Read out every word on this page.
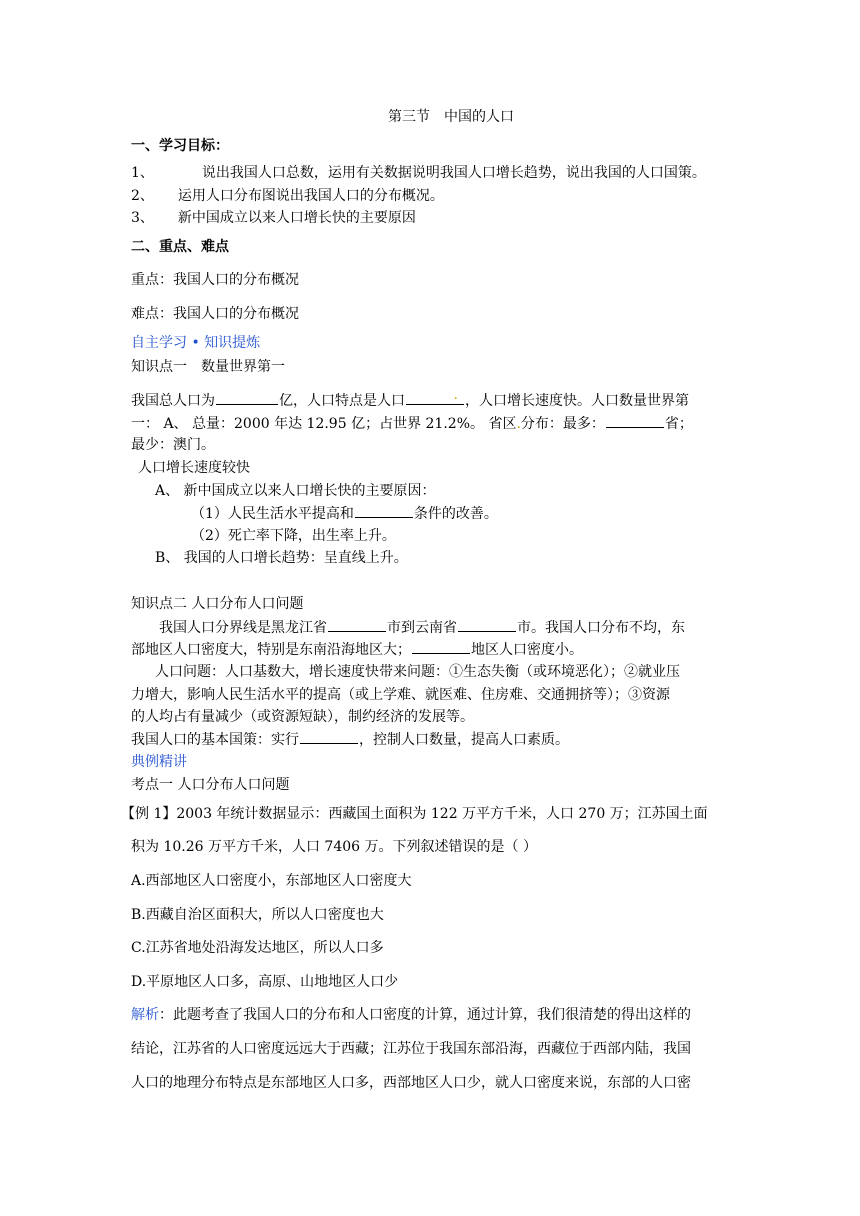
第三节　中国的人口
一、学习目标：
1、	说出我国人口总数，运用有关数据说明我国人口增长趋势，说出我国的人口国策。
2、 运用人口分布图说出我国人口的分布概况。
3、 新中国成立以来人口增长快的主要原因
二、重点、难点
重点：我国人口的分布概况
难点：我国人口的分布概况
自主学习 • 知识提炼
知识点一　数量世界第一
我国总人口为	亿，人口特点是人口	. ，人口增长速度快。人口数量世界第
一： A、 总量：2000 年达 12.95 亿；占世界 21.2%。 省区.分布：最多：	省；
最少：澳门。
人口增长速度较快
A、 新中国成立以来人口增长快的主要原因：
（1）人民生活水平提高和	条件的改善。
（2）死亡率下降，出生率上升。
B、 我国的人口增长趋势：呈直线上升。
知识点二 人口分布人口问题
我国人口分界线是黑龙江省	市到云南省	市。我国人口分布不均，东
部地区人口密度大，特别是东南沿海地区大；	地区人口密度小。
人口问题：人口基数大，增长速度快带来问题：①生态失衡（或环境恶化）；②就业压
力增大，影响人民生活水平的提高（或上学难、就医难、住房难、交通拥挤等）；③资源
的人均占有量减少（或资源短缺），制约经济的发展等。
我国人口的基本国策：实行	，控制人口数量，提高人口素质。
典例精讲
考点一 人口分布人口问题
【例 1】2003 年统计数据显示：西藏国土面积为 122 万平方千米，人口 270 万；江苏国土面
积为 10.26 万平方千米，人口 7406 万。下列叙述错误的是（ ）
A.西部地区人口密度小，东部地区人口密度大
B.西藏自治区面积大，所以人口密度也大
C.江苏省地处沿海发达地区，所以人口多
D.平原地区人口多，高原、山地地区人口少
解析：此题考查了我国人口的分布和人口密度的计算，通过计算，我们很清楚的得出这样的
结论，江苏省的人口密度远远大于西藏；江苏位于我国东部沿海，西藏位于西部内陆，我国
人口的地理分布特点是东部地区人口多，西部地区人口少，就人口密度来说，东部的人口密
